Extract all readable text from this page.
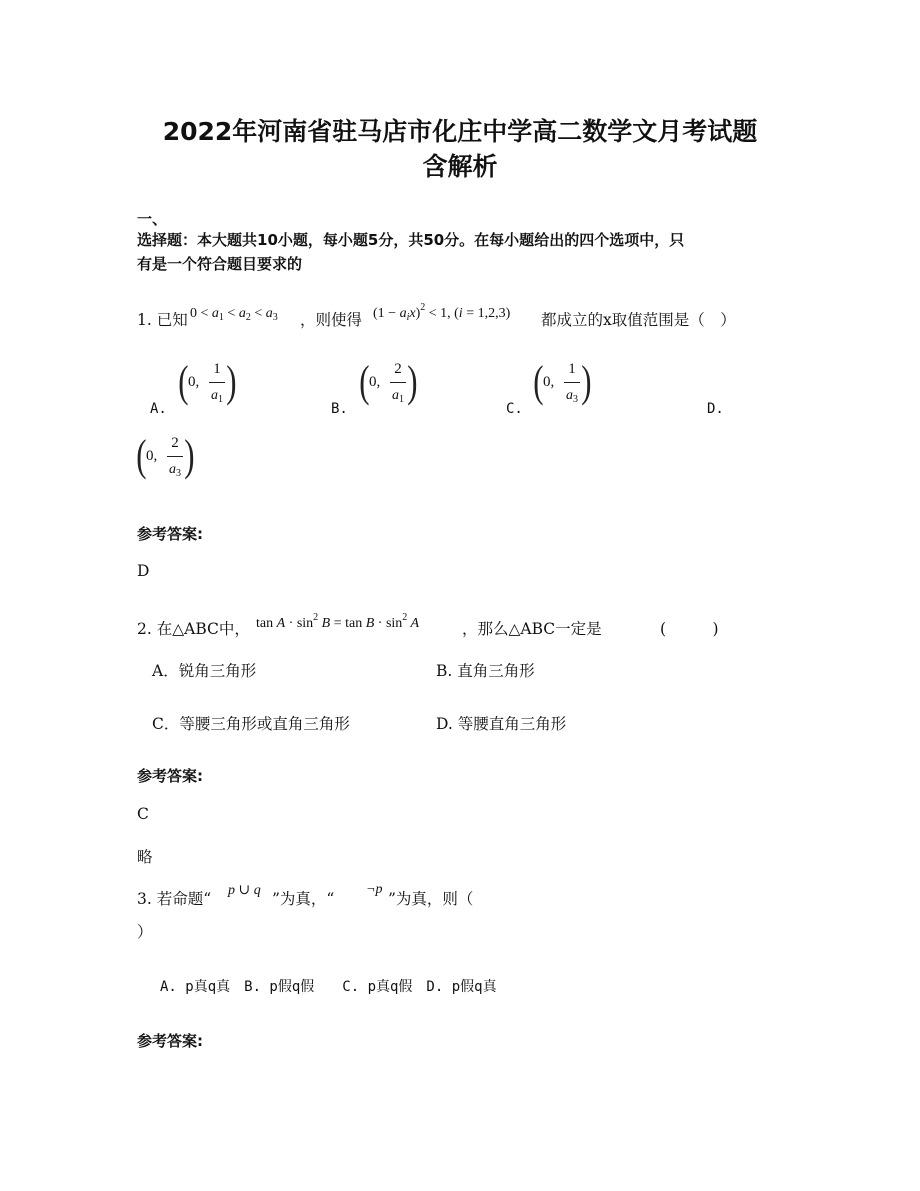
2022年河南省驻马店市化庄中学高二数学文月考试题
含解析
一、
选择题：本大题共10小题，每小题5分，共50分。在每小题给出的四个选项中，只
有是一个符合题目要求的
1. 已知 $0 < a_1 < a_2 < a_3$ ，则使得 $(1 - a_ix)^2 < 1$, (i = 1,2,3) 都成立的x取值范围是（　）
A.
( 0,
1
$a_1$ )
B.
( 0,
2
$a_1$ )
C.
( 0,
1
$a_3$ )
D.
( 0,
2
$a_3$ )
参考答案:
D
2. 在△ABC中， $\tan A \cdot \sin^2 B = \tan B \cdot \sin^2 A$	，那么△ABC一定是	(　　　)
A．锐角三角形	B. 直角三角形
C．等腰三角形或直角三角形	D. 等腰直角三角形
参考答案:
C
略
3. 若命题“ p ∪ q ”为真，“
¬p
”为真，则（
）
A. p真q真　B. p假q假　　C. p真q假　D. p假q真
参考答案:
